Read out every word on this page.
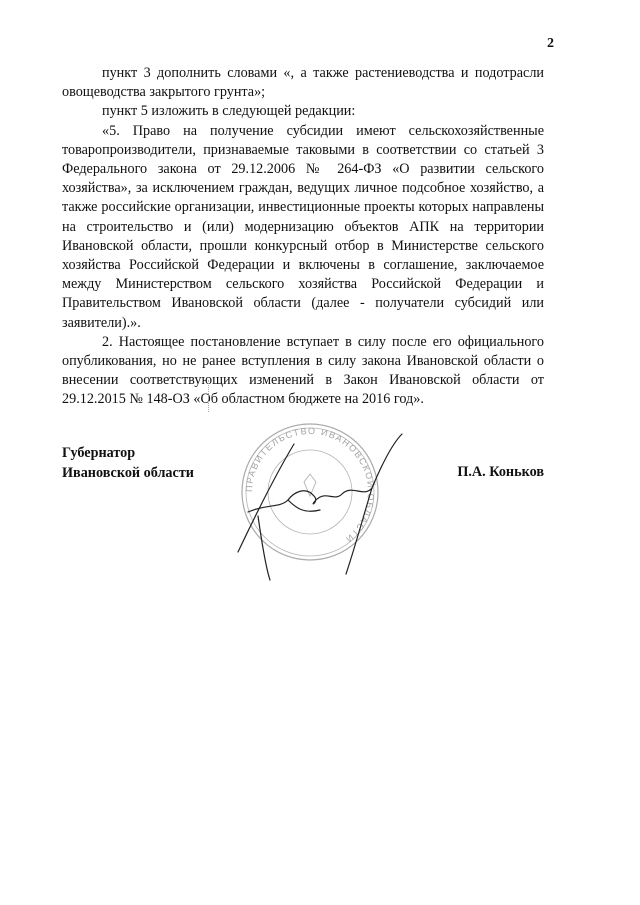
2

пункт 3 дополнить словами «, а также растениеводства и подотрасли овощеводства закрытого грунта»;

пункт 5 изложить в следующей редакции:

«5. Право на получение субсидии имеют сельскохозяйственные товаропроизводители, признаваемые таковыми в соответствии со статьей 3 Федерального закона от 29.12.2006 № 264-ФЗ «О развитии сельского хозяйства», за исключением граждан, ведущих личное подсобное хозяйство, а также российские организации, инвестиционные проекты которых направлены на строительство и (или) модернизацию объектов АПК на территории Ивановской области, прошли конкурсный отбор в Министерстве сельского хозяйства Российской Федерации и включены в соглашение, заключаемое между Министерством сельского хозяйства Российской Федерации и Правительством Ивановской области (далее - получатели субсидий или заявители).».

2. Настоящее постановление вступает в силу после его официального опубликования, но не ранее вступления в силу закона Ивановской области о внесении соответствующих изменений в Закон Ивановской области от 29.12.2015 № 148-ОЗ «Об областном бюджете на 2016 год».

Губернатор
Ивановской области	П.А. Коньков
ПРАВИТЕЛЬСТВО ИВАНОВСКОЙ ОБЛАСТИ
